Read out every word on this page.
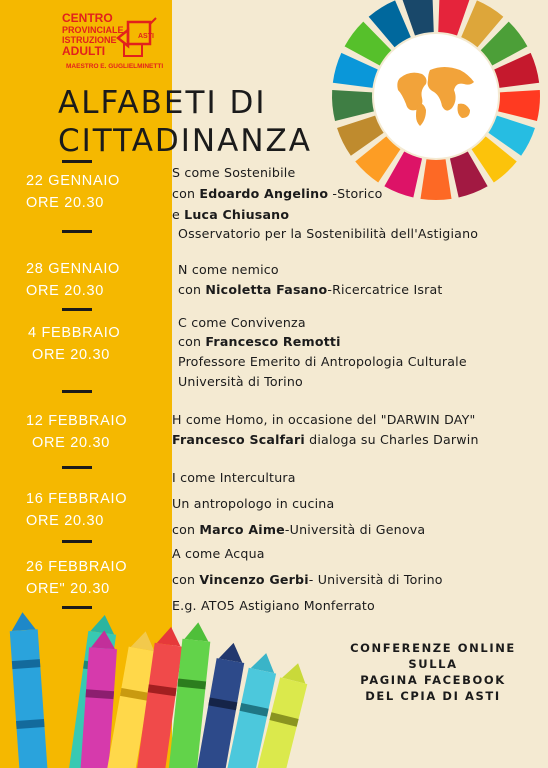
CENTRO
PROVINCIALE
ISTRUZIONE
ADULTI
ASTI
MAESTRO E. GUGLIELMINETTI
ALFABETI DI
CITTADINANZA
22 GENNAIO
ORE 20.30
S come Sostenibile
con Edoardo Angelino -Storico
e Luca Chiusano
Osservatorio per la Sostenibilità dell'Astigiano
28 GENNAIO
ORE 20.30
N come nemico
con Nicoletta Fasano-Ricercatrice Israt
4 FEBBRAIO
ORE 20.30
C come Convivenza
con Francesco Remotti
Professore Emerito di Antropologia Culturale
Università di Torino
12 FEBBRAIO
ORE 20.30
H come Homo, in occasione del "DARWIN DAY"
Francesco Scalfari dialoga su Charles Darwin
16 FEBBRAIO
ORE 20.30
I come Intercultura
Un antropologo in cucina
con Marco Aime-Università di Genova
26 FEBBRAIO
ORE" 20.30
A come Acqua
con Vincenzo Gerbi- Università di Torino
E.g. ATO5 Astigiano Monferrato
CONFERENZE ONLINE
SULLA
PAGINA FACEBOOK
DEL CPIA DI ASTI
